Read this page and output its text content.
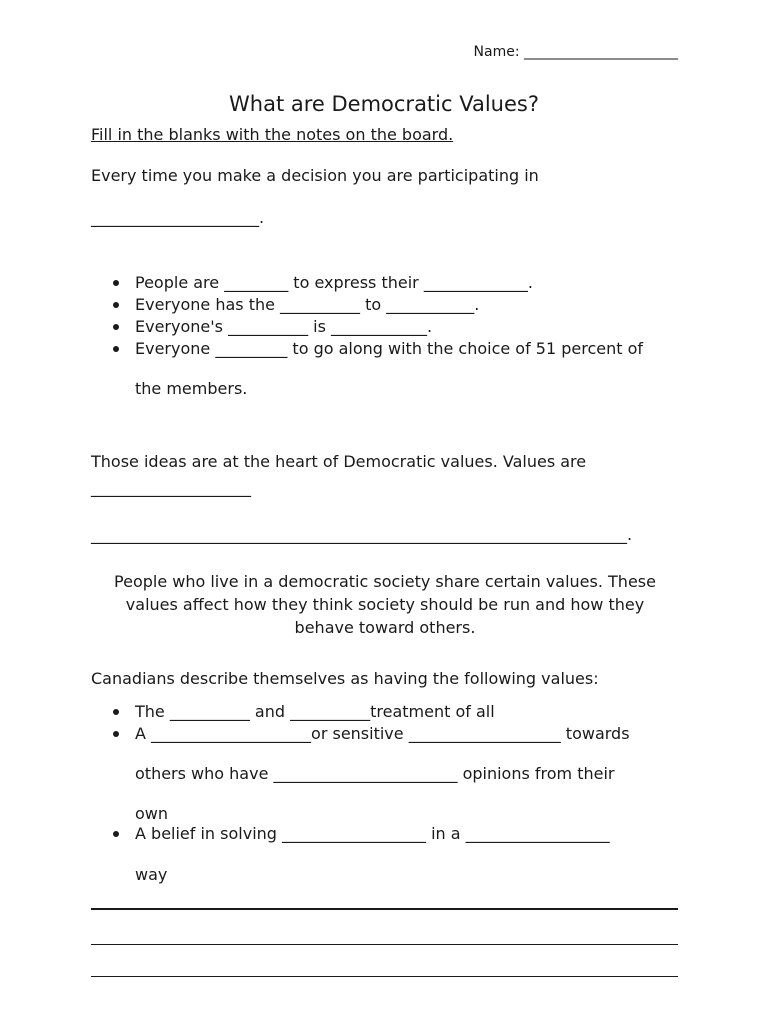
Name: ______________________
What are Democratic Values?
Fill in the blanks with the notes on the board.
Every time you make a decision you are participating in
_____________________.
People are ________ to express their _____________.
Everyone has the __________ to ___________.
Everyone's __________ is ____________.
Everyone _________ to go along with the choice of 51 percent of
the members.
Those ideas are at the heart of Democratic values. Values are
____________________
___________________________________________________________________.
People who live in a democratic society share certain values. These
values affect how they think society should be run and how they
behave toward others.
Canadians describe themselves as having the following values:
The __________ and __________treatment of all
A ____________________or sensitive ___________________ towards
others who have _______________________ opinions from their
own
A belief in solving __________________ in a __________________
way
